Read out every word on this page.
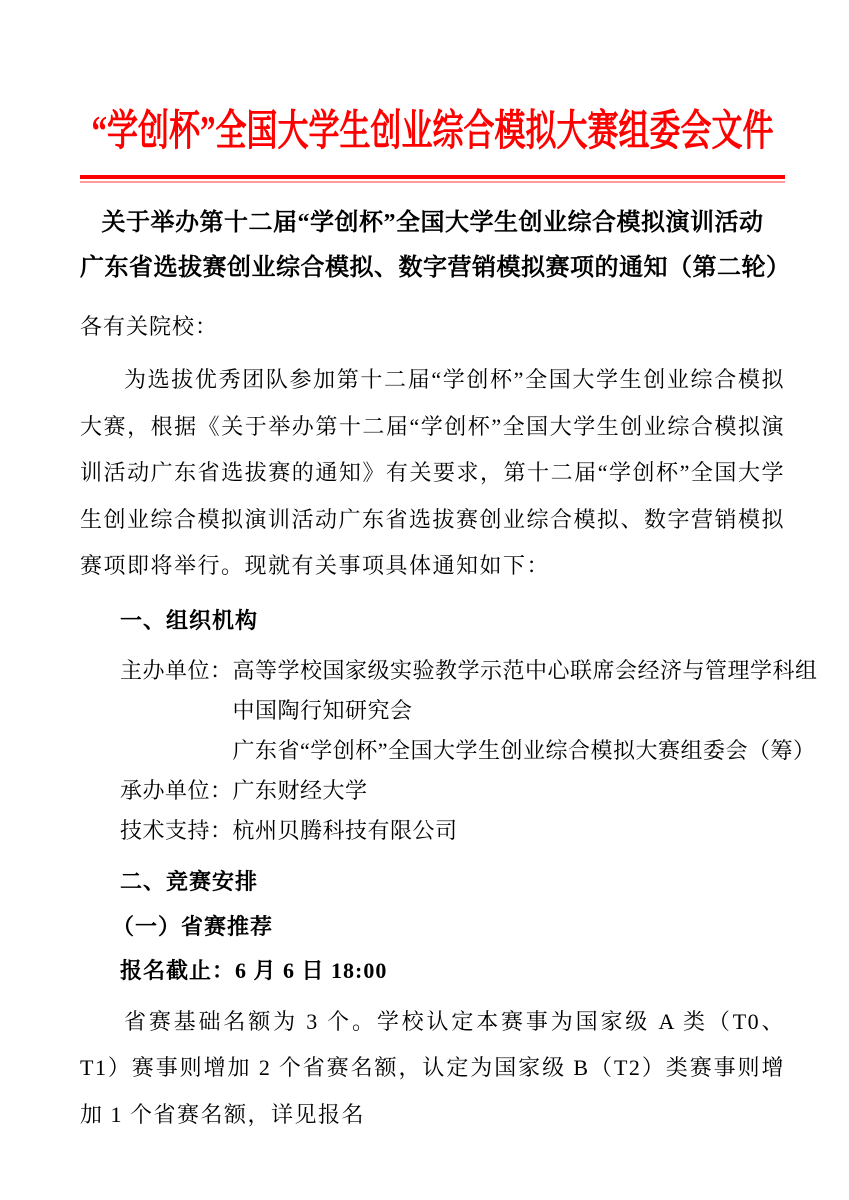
“学创杯”全国大学生创业综合模拟大赛组委会文件
关于举办第十二届“学创杯”全国大学生创业综合模拟演训活动
广东省选拔赛创业综合模拟、数字营销模拟赛项的通知（第二轮）
各有关院校：
为选拔优秀团队参加第十二届“学创杯”全国大学生创业综合模拟大赛，根据《关于举办第十二届“学创杯”全国大学生创业综合模拟演训活动广东省选拔赛的通知》有关要求，第十二届“学创杯”全国大学生创业综合模拟演训活动广东省选拔赛创业综合模拟、数字营销模拟赛项即将举行。现就有关事项具体通知如下：
一、组织机构
主办单位： 高等学校国家级实验教学示范中心联席会经济与管理学科组
中国陶行知研究会
广东省“学创杯”全国大学生创业综合模拟大赛组委会（筹）
承办单位：广东财经大学
技术支持：杭州贝腾科技有限公司
二、竞赛安排
（一）省赛推荐
报名截止：6 月 6 日 18:00
省赛基础名额为 3 个。学校认定本赛事为国家级 A 类（T0、T1）赛事则增加 2 个省赛名额，认定为国家级 B（T2）类赛事则增加 1 个省赛名额，详见报名
